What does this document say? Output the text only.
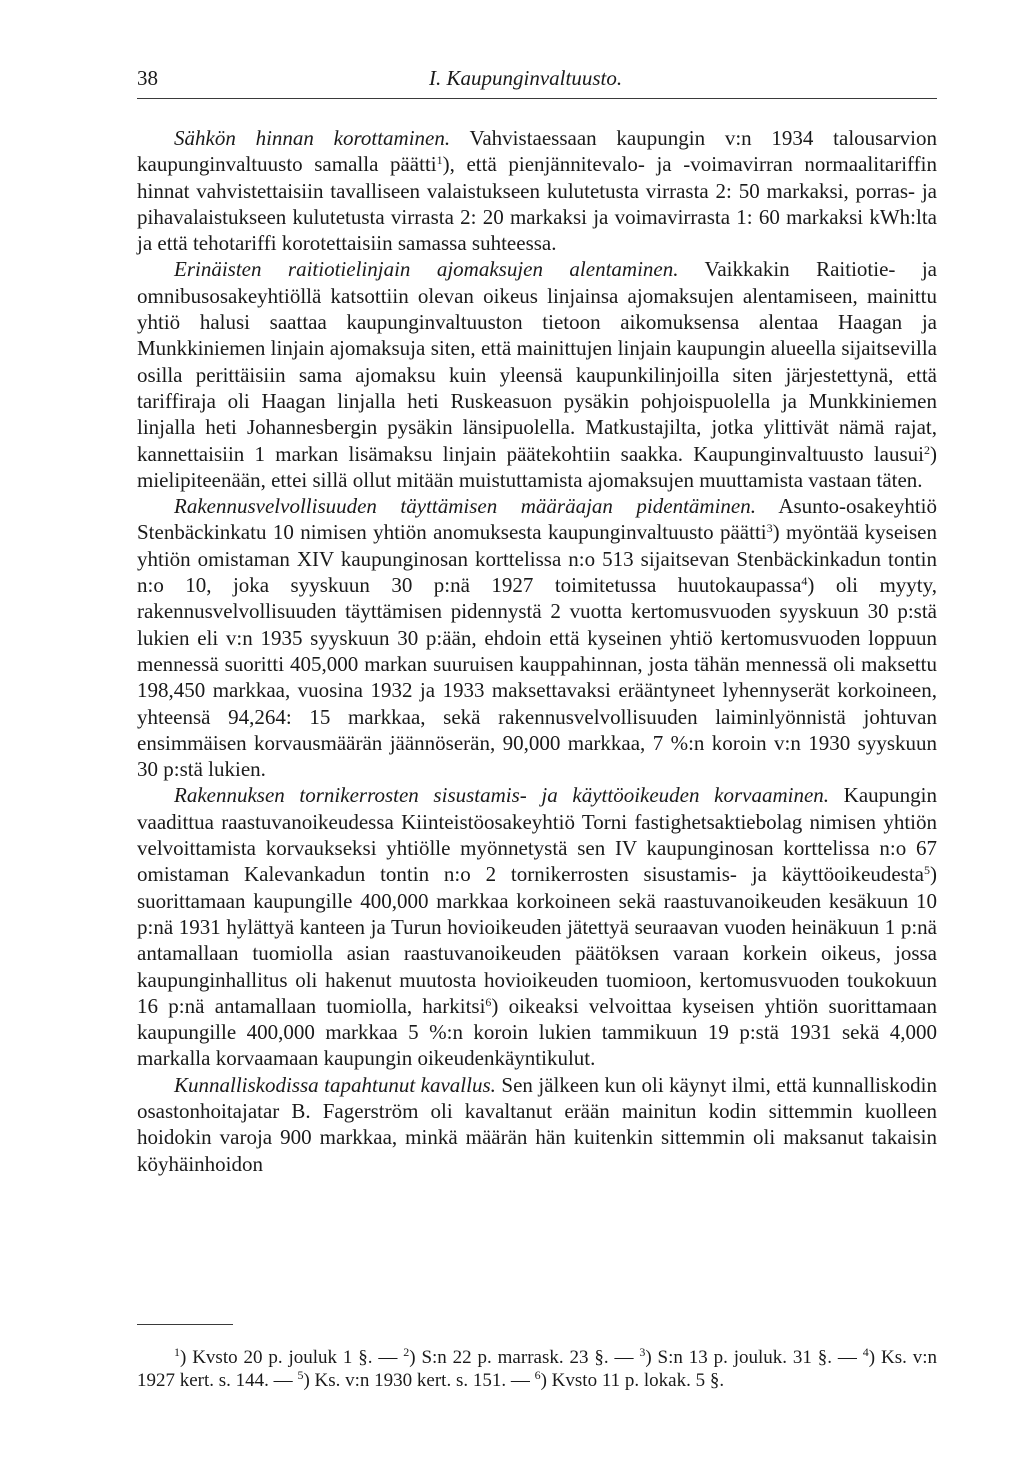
38	I. Kaupunginvaltuusto.

Sähkön hinnan korottaminen. Vahvistaessaan kaupungin v:n 1934 talousarvion kaupunginvaltuusto samalla päätti$^1$), että pienjännitevalo- ja -voimavirran normaalitariffin hinnat vahvistettaisiin tavalliseen valaistukseen kulutetusta virrasta 2: 50 markaksi, porras- ja pihavalaistukseen kulutetusta virrasta 2: 20 markaksi ja voimavirrasta 1: 60 markaksi kWh:lta ja että tehotariffi korotettaisiin samassa suhteessa.

Erinäisten raitiotielinjain ajomaksujen alentaminen. Vaikkakin Raitiotie- ja omnibusosakeyhtiöllä katsottiin olevan oikeus linjainsa ajomaksujen alentamiseen, mainittu yhtiö halusi saattaa kaupunginvaltuuston tietoon aikomuksensa alentaa Haagan ja Munkkiniemen linjain ajomaksuja siten, että mainittujen linjain kaupungin alueella sijaitsevilla osilla perittäisiin sama ajomaksu kuin yleensä kaupunkilinjoilla siten järjestettynä, että tariffiraja oli Haagan linjalla heti Ruskeasuon pysäkin pohjoispuolella ja Munkkiniemen linjalla heti Johannesbergin pysäkin länsipuolella. Matkustajilta, jotka ylittivät nämä rajat, kannettaisiin 1 markan lisämaksu linjain päätekohtiin saakka. Kaupunginvaltuusto lausui$^2$) mielipiteenään, ettei sillä ollut mitään muistuttamista ajomaksujen muuttamista vastaan täten.

Rakennusvelvollisuuden täyttämisen määräajan pidentäminen. Asunto-osakeyhtiö Stenbäckinkatu 10 nimisen yhtiön anomuksesta kaupunginvaltuusto päätti$^3$) myöntää kyseisen yhtiön omistaman XIV kaupunginosan korttelissa n:o 513 sijaitsevan Stenbäckinkadun tontin n:o 10, joka syyskuun 30 p:nä 1927 toimitetussa huutokaupassa$^4$) oli myyty, rakennusvelvollisuuden täyttämisen pidennystä 2 vuotta kertomusvuoden syyskuun 30 p:stä lukien eli v:n 1935 syyskuun 30 p:ään, ehdoin että kyseinen yhtiö kertomusvuoden loppuun mennessä suoritti 405,000 markan suuruisen kauppahinnan, josta tähän mennessä oli maksettu 198,450 markkaa, vuosina 1932 ja 1933 maksettavaksi erääntyneet lyhennyserät korkoineen, yhteensä 94,264: 15 markkaa, sekä rakennusvelvollisuuden laiminlyönnistä johtuvan ensimmäisen korvausmäärän jäännöserän, 90,000 markkaa, 7 %:n koroin v:n 1930 syyskuun 30 p:stä lukien.

Rakennuksen tornikerrosten sisustamis- ja käyttöoikeuden korvaaminen. Kaupungin vaadittua raastuvanoikeudessa Kiinteistöosakeyhtiö Torni fastighetsaktiebolag nimisen yhtiön velvoittamista korvaukseksi yhtiölle myönnetystä sen IV kaupunginosan korttelissa n:o 67 omistaman Kalevankadun tontin n:o 2 tornikerrosten sisustamis- ja käyttöoikeudesta$^5$) suorittamaan kaupungille 400,000 markkaa korkoineen sekä raastuvanoikeuden kesäkuun 10 p:nä 1931 hylättyä kanteen ja Turun hovioikeuden jätettyä seuraavan vuoden heinäkuun 1 p:nä antamallaan tuomiolla asian raastuvanoikeuden päätöksen varaan korkein oikeus, jossa kaupunginhallitus oli hakenut muutosta hovioikeuden tuomioon, kertomusvuoden toukokuun 16 p:nä antamallaan tuomiolla, harkitsi$^6$) oikeaksi velvoittaa kyseisen yhtiön suorittamaan kaupungille 400,000 markkaa 5 %:n koroin lukien tammikuun 19 p:stä 1931 sekä 4,000 markalla korvaamaan kaupungin oikeudenkäyntikulut.

Kunnalliskodissa tapahtunut kavallus. Sen jälkeen kun oli käynyt ilmi, että kunnalliskodin osastonhoitajatar B. Fagerström oli kavaltanut erään mainitun kodin sittemmin kuolleen hoidokin varoja 900 markkaa, minkä määrän hän kuitenkin sittemmin oli maksanut takaisin köyhäinhoidon

$^1$) Kvsto 20 p. jouluk 1 §. — $^2$) S:n 22 p. marrask. 23 §. — $^3$) S:n 13 p. jouluk. 31 §. — $^4$) Ks. v:n 1927 kert. s. 144. — $^5$) Ks. v:n 1930 kert. s. 151. — $^6$) Kvsto 11 p. lokak. 5 §.
